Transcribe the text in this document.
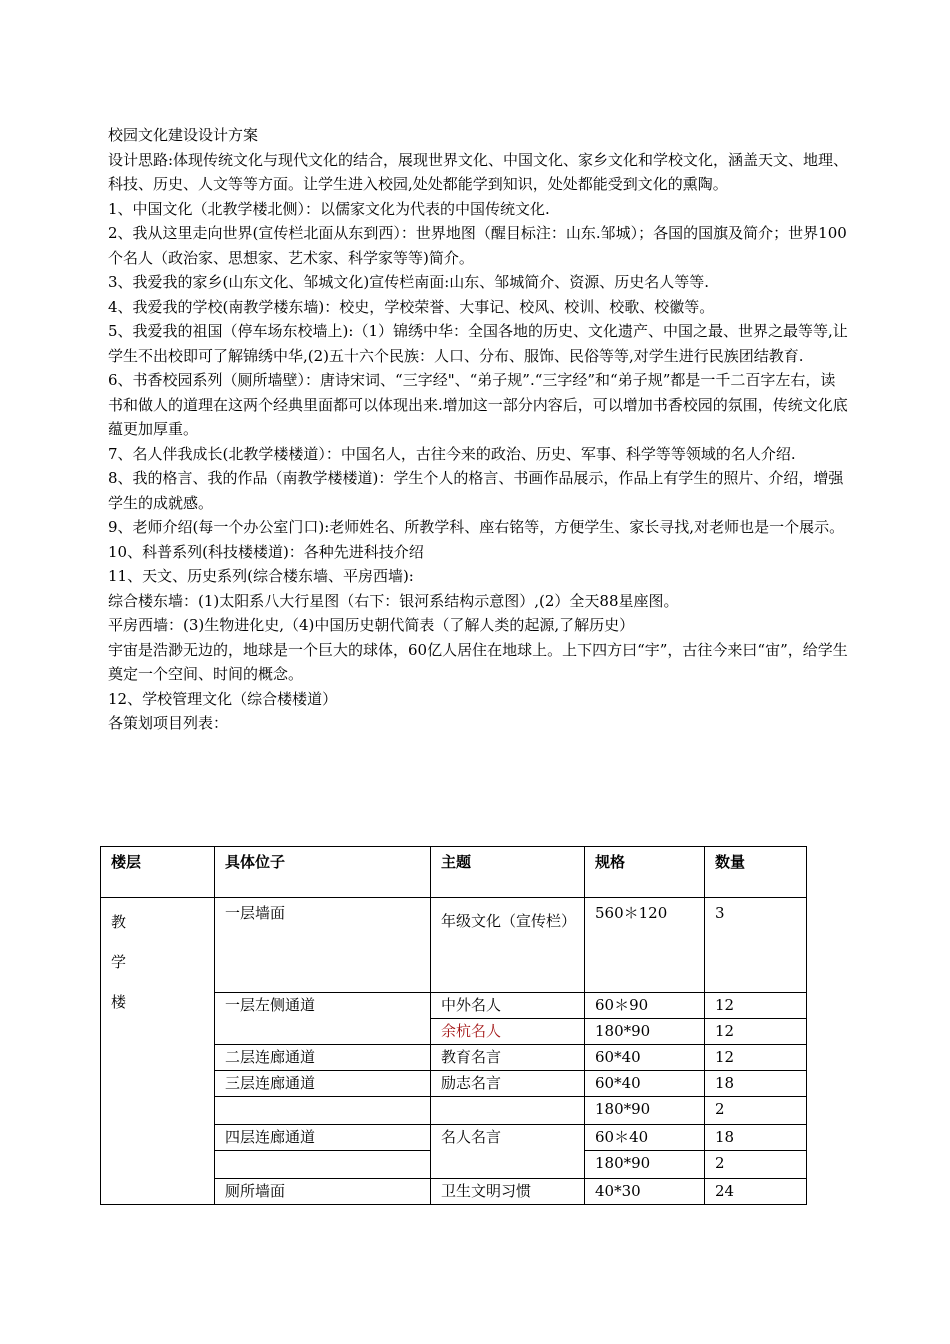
校园文化建设设计方案

设计思路:体现传统文化与现代文化的结合，展现世界文化、中国文化、家乡文化和学校文化，涵盖天文、地理、科技、历史、人文等等方面。让学生进入校园,处处都能学到知识，处处都能受到文化的熏陶。

1、中国文化（北教学楼北侧）：以儒家文化为代表的中国传统文化.

2、我从这里走向世界(宣传栏北面从东到西）：世界地图（醒目标注：山东.邹城）；各国的国旗及简介；世界100个名人（政治家、思想家、艺术家、科学家等等)简介。

3、我爱我的家乡(山东文化、邹城文化)宣传栏南面:山东、邹城简介、资源、历史名人等等.

4、我爱我的学校(南教学楼东墙)：校史，学校荣誉、大事记、校风、校训、校歌、校徽等。

5、我爱我的祖国（停车场东校墙上):（1）锦绣中华：全国各地的历史、文化遗产、中国之最、世界之最等等,让学生不出校即可了解锦绣中华,(2)五十六个民族：人口、分布、服饰、民俗等等,对学生进行民族团结教育.

6、书香校园系列（厕所墙壁）：唐诗宋词、“三字经"、“弟子规”.“三字经”和“弟子规”都是一千二百字左右，读书和做人的道理在这两个经典里面都可以体现出来.增加这一部分内容后，可以增加书香校园的氛围，传统文化底蕴更加厚重。

7、名人伴我成长(北教学楼楼道）：中国名人，古往今来的政治、历史、军事、科学等等领域的名人介绍.

8、我的格言、我的作品（南教学楼楼道)：学生个人的格言、书画作品展示，作品上有学生的照片、介绍，增强学生的成就感。

9、老师介绍(每一个办公室门口):老师姓名、所教学科、座右铭等，方便学生、家长寻找,对老师也是一个展示。

10、科普系列(科技楼楼道)：各种先进科技介绍

11、天文、历史系列(综合楼东墙、平房西墙):

综合楼东墙：(1)太阳系八大行星图（右下：银河系结构示意图）,(2）全天88星座图。

平房西墙：(3)生物进化史,（4)中国历史朝代简表（了解人类的起源,了解历史）

宇宙是浩渺无边的，地球是一个巨大的球体，60亿人居住在地球上。上下四方曰“宇”，古往今来曰“宙”，给学生奠定一个空间、时间的概念。

12、学校管理文化（综合楼楼道）

各策划项目列表：

楼层	具体位子	主题	规格	数量

教
学
楼	一层墙面	年级文化（宣传栏）	560＊120	3
	一层左侧通道	中外名人	60＊90	12
		余杭名人	180*90	12
	二层连廊通道	教育名言	60*40	12
	三层连廊通道	励志名言	60*40	18
			180*90	2
	四层连廊通道	名人名言	60＊40	18
			180*90	2
	厕所墙面	卫生文明习惯	40*30	24
